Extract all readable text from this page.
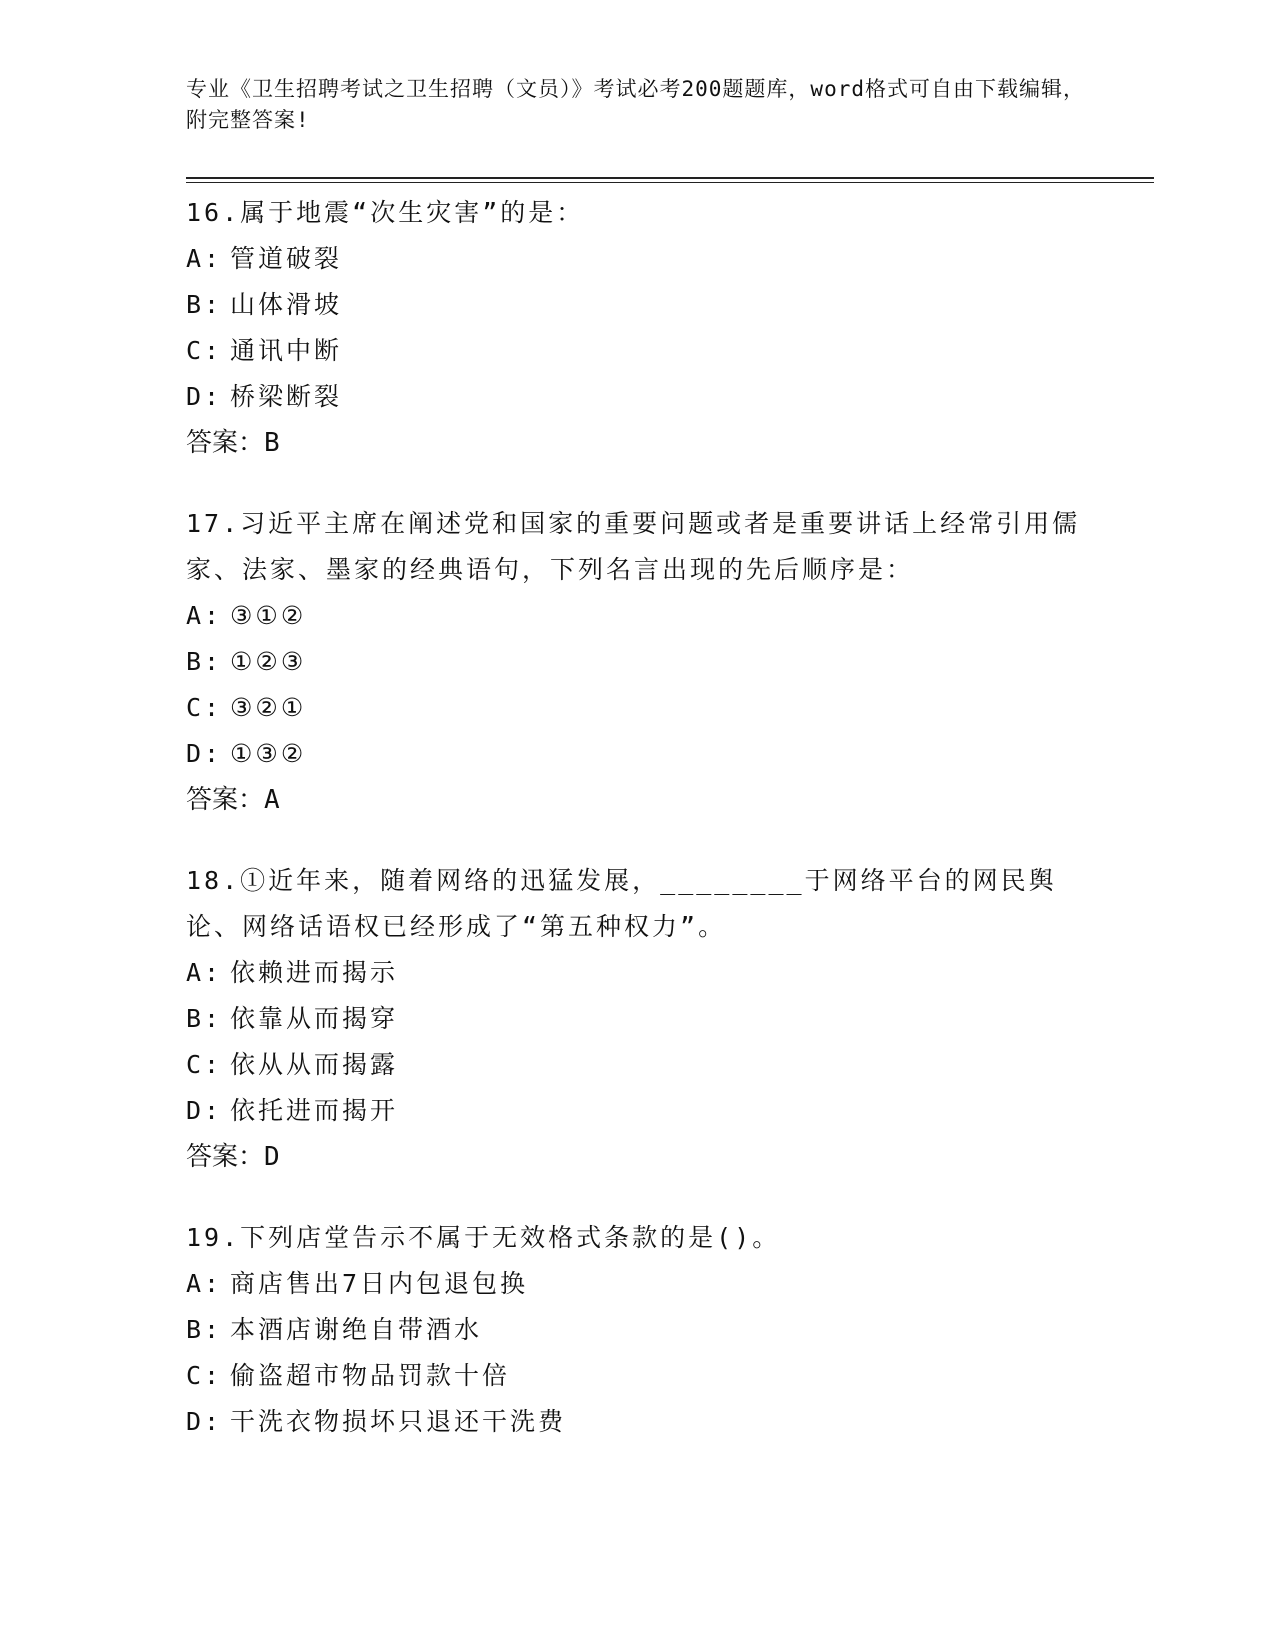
专业《卫生招聘考试之卫生招聘（文员）》考试必考200题题库，word格式可自由下载编辑，附完整答案!

16.属于地震“次生灾害”的是：

A: 管道破裂
B: 山体滑坡
C: 通讯中断
D: 桥梁断裂
答案：B

17.习近平主席在阐述党和国家的重要问题或者是重要讲话上经常引用儒家、法家、墨家的经典语句，下列名言出现的先后顺序是：

A: ③①②
B: ①②③
C: ③②①
D: ①③②
答案：A

18.①近年来，随着网络的迅猛发展，________于网络平台的网民舆论、网络话语权已经形成了“第五种权力”。

A: 依赖进而揭示
B: 依靠从而揭穿
C: 依从从而揭露
D: 依托进而揭开
答案：D

19.下列店堂告示不属于无效格式条款的是()。

A: 商店售出7日内包退包换
B: 本酒店谢绝自带酒水
C: 偷盗超市物品罚款十倍
D: 干洗衣物损坏只退还干洗费
